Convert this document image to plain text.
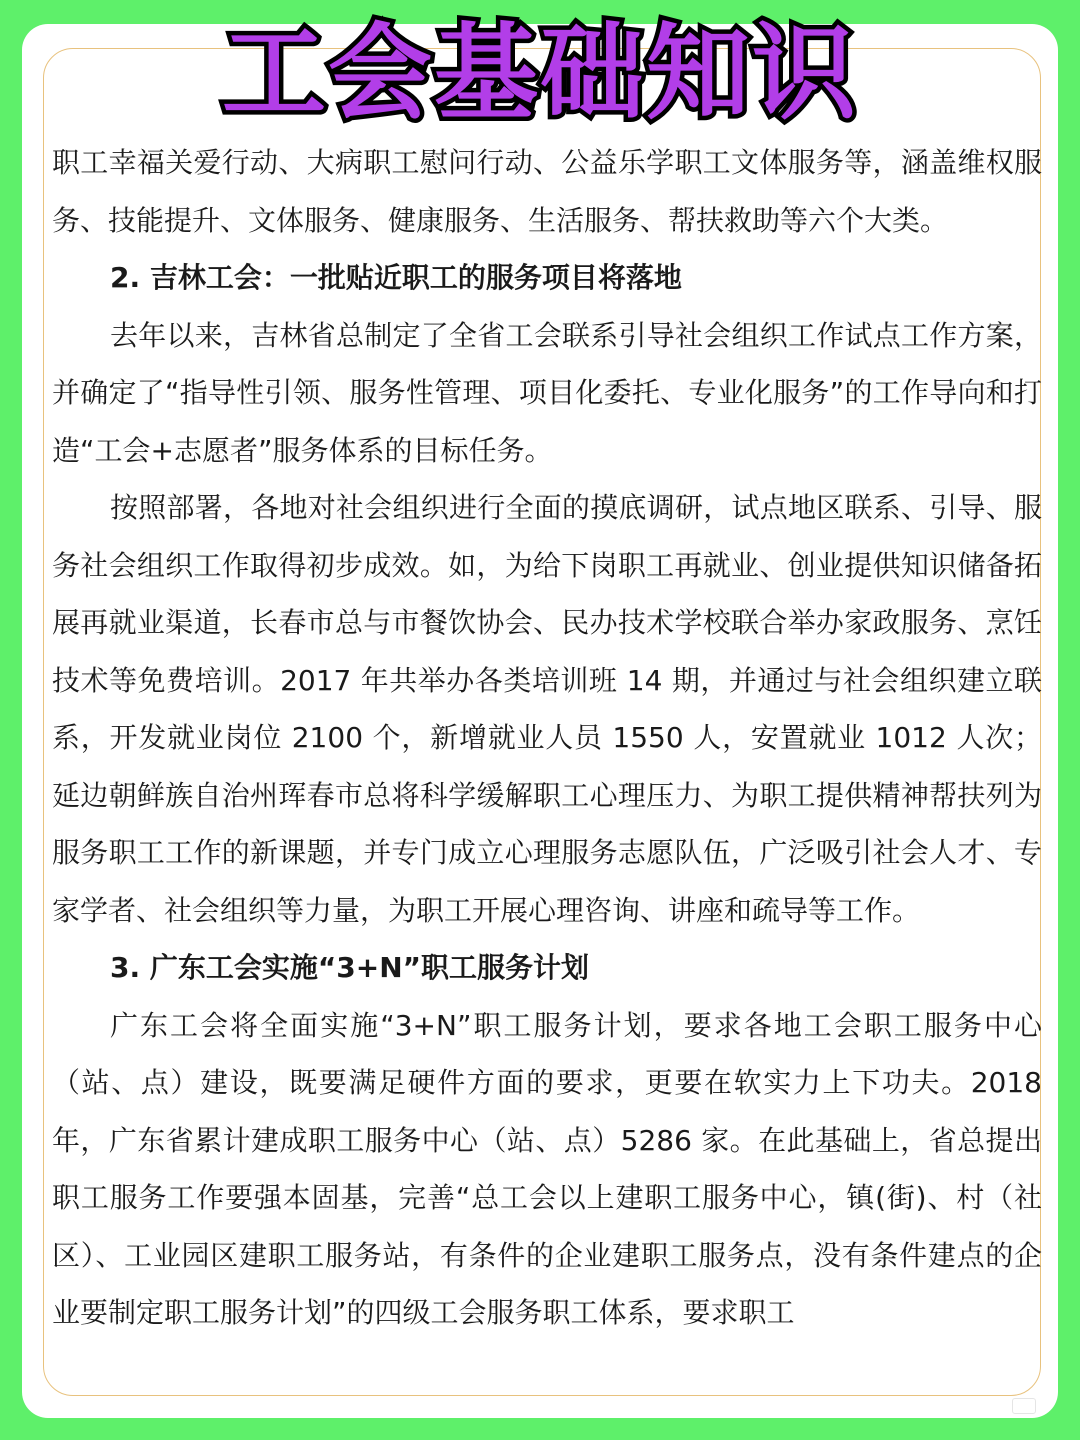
工会基础知识

职工幸福关爱行动、大病职工慰问行动、公益乐学职工文体服务等，涵盖维权服务、技能提升、文体服务、健康服务、生活服务、帮扶救助等六个大类。

2. 吉林工会：一批贴近职工的服务项目将落地

去年以来，吉林省总制定了全省工会联系引导社会组织工作试点工作方案，并确定了“指导性引领、服务性管理、项目化委托、专业化服务”的工作导向和打造“工会+志愿者”服务体系的目标任务。

按照部署，各地对社会组织进行全面的摸底调研，试点地区联系、引导、服务社会组织工作取得初步成效。如，为给下岗职工再就业、创业提供知识储备拓展再就业渠道，长春市总与市餐饮协会、民办技术学校联合举办家政服务、烹饪技术等免费培训。2017 年共举办各类培训班 14 期，并通过与社会组织建立联系，开发就业岗位 2100 个，新增就业人员 1550 人，安置就业 1012 人次；延边朝鲜族自治州珲春市总将科学缓解职工心理压力、为职工提供精神帮扶列为服务职工工作的新课题，并专门成立心理服务志愿队伍，广泛吸引社会人才、专家学者、社会组织等力量，为职工开展心理咨询、讲座和疏导等工作。

3. 广东工会实施“3+N”职工服务计划

广东工会将全面实施“3+N”职工服务计划，要求各地工会职工服务中心（站、点）建设，既要满足硬件方面的要求，更要在软实力上下功夫。2018 年，广东省累计建成职工服务中心（站、点）5286 家。在此基础上，省总提出职工服务工作要强本固基，完善“总工会以上建职工服务中心，镇(街)、村（社区）、工业园区建职工服务站，有条件的企业建职工服务点，没有条件建点的企业要制定职工服务计划”的四级工会服务职工体系，要求职工
